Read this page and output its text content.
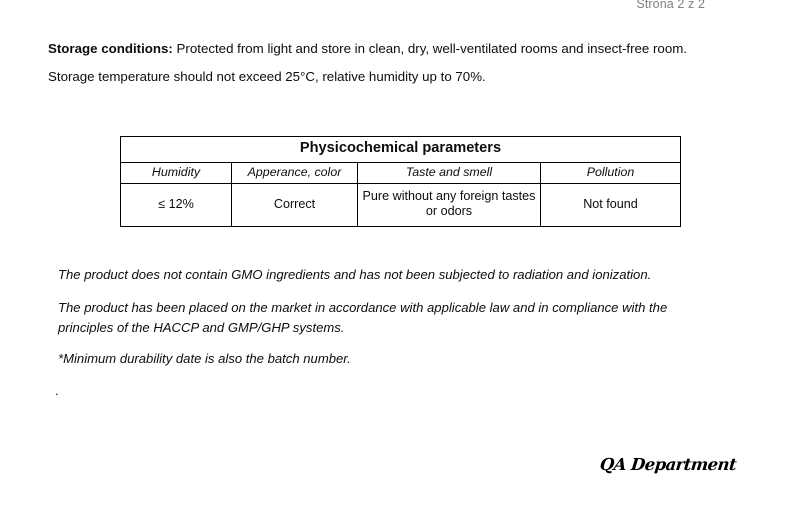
Strona 2 z 2
Storage conditions: Protected from light and store in clean, dry, well-ventilated rooms and insect-free room.
Storage temperature should not exceed 25°C, relative humidity up to 70%.
Physicochemical parameters			
Humidity	Apperance, color	Taste and smell	Pollution
≤ 12%	Correct	Pure without any foreign tastes or odors	Not found
The product does not contain GMO ingredients and has not been subjected to radiation and ionization.
The product has been placed on the market in accordance with applicable law and in compliance with the principles of the HACCP and GMP/GHP systems.
*Minimum durability date is also the batch number.
.
QA Department
